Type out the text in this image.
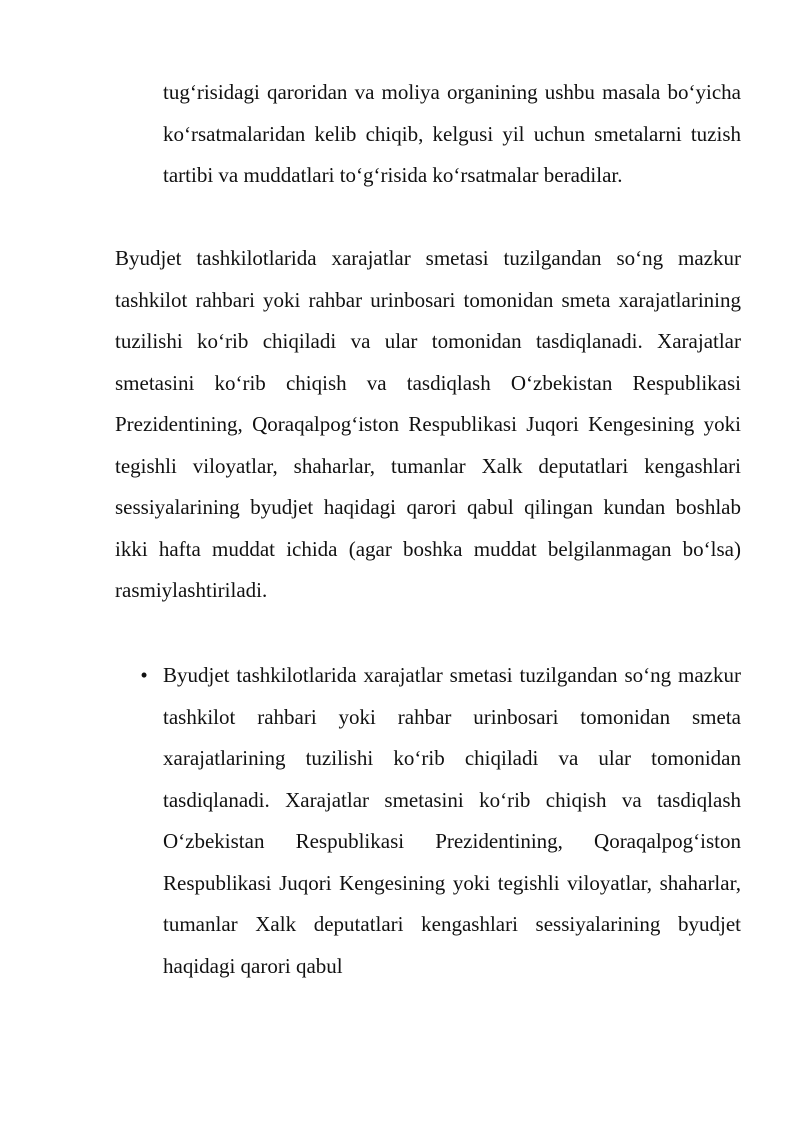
tug‘risidagi qaroridan va moliya organining ushbu masala bo‘yicha ko‘rsatmalaridan kelib chiqib, kelgusi yil uchun smetalarni tuzish tartibi va muddatlari to‘g‘risida ko‘rsatmalar beradilar.

Byudjet tashkilotlarida xarajatlar smetasi tuzilgandan so‘ng mazkur tashkilot rahbari yoki rahbar urinbosari tomonidan smeta xarajatlarining tuzilishi ko‘rib chiqiladi va ular tomonidan tasdiqlanadi. Xarajatlar smetasini ko‘rib chiqish va tasdiqlash O‘zbekistan Respublikasi Prezidentining, Qoraqalpog‘iston Respublikasi Juqori Kengesining yoki tegishli viloyatlar, shaharlar, tumanlar Xalk deputatlari kengashlari sessiyalarining byudjet haqidagi qarori qabul qilingan kundan boshlab ikki hafta muddat ichida (agar boshka muddat belgilanmagan bo‘lsa) rasmiylashtiriladi.

• Byudjet tashkilotlarida xarajatlar smetasi tuzilgandan so‘ng mazkur tashkilot rahbari yoki rahbar urinbosari tomonidan smeta xarajatlarining tuzilishi ko‘rib chiqiladi va ular tomonidan tasdiqlanadi. Xarajatlar smetasini ko‘rib chiqish va tasdiqlash O‘zbekistan Respublikasi Prezidentining, Qoraqalpog‘iston Respublikasi Juqori Kengesining yoki tegishli viloyatlar, shaharlar, tumanlar Xalk deputatlari kengashlari sessiyalarining byudjet haqidagi qarori qabul
